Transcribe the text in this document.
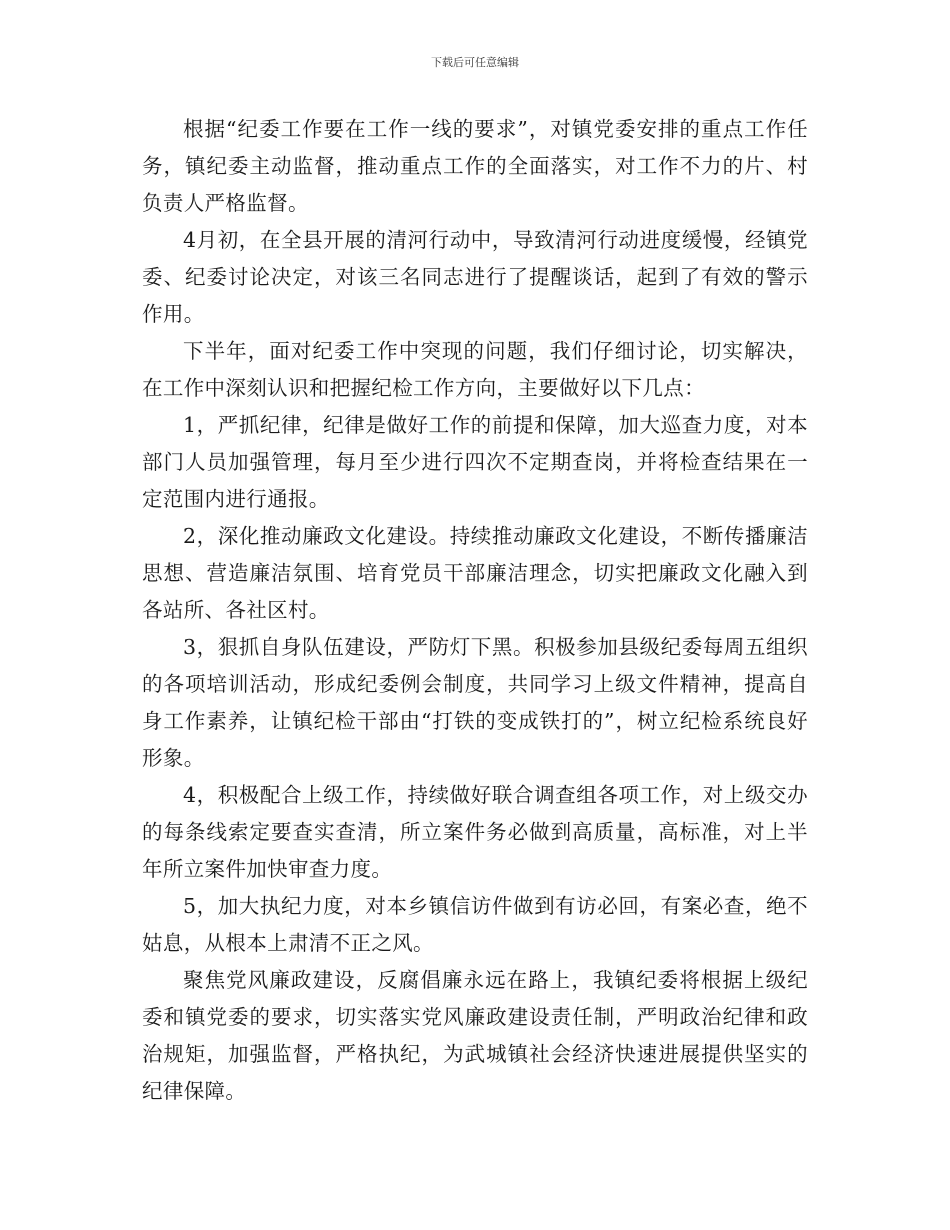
下载后可任意编辑

根据“纪委工作要在工作一线的要求”，对镇党委安排的重点工作任务，镇纪委主动监督，推动重点工作的全面落实，对工作不力的片、村负责人严格监督。

4月初，在全县开展的清河行动中，导致清河行动进度缓慢，经镇党委、纪委讨论决定，对该三名同志进行了提醒谈话，起到了有效的警示作用。

下半年，面对纪委工作中突现的问题，我们仔细讨论，切实解决，在工作中深刻认识和把握纪检工作方向，主要做好以下几点：

1，严抓纪律，纪律是做好工作的前提和保障，加大巡查力度，对本部门人员加强管理，每月至少进行四次不定期查岗，并将检查结果在一定范围内进行通报。

2，深化推动廉政文化建设。持续推动廉政文化建设，不断传播廉洁思想、营造廉洁氛围、培育党员干部廉洁理念，切实把廉政文化融入到各站所、各社区村。

3，狠抓自身队伍建设，严防灯下黑。积极参加县级纪委每周五组织的各项培训活动，形成纪委例会制度，共同学习上级文件精神，提高自身工作素养，让镇纪检干部由“打铁的变成铁打的”，树立纪检系统良好形象。

4，积极配合上级工作，持续做好联合调查组各项工作，对上级交办的每条线索定要查实查清，所立案件务必做到高质量，高标准，对上半年所立案件加快审查力度。

5，加大执纪力度，对本乡镇信访件做到有访必回，有案必查，绝不姑息，从根本上肃清不正之风。

聚焦党风廉政建设，反腐倡廉永远在路上，我镇纪委将根据上级纪委和镇党委的要求，切实落实党风廉政建设责任制，严明政治纪律和政治规矩，加强监督，严格执纪，为武城镇社会经济快速进展提供坚实的纪律保障。
